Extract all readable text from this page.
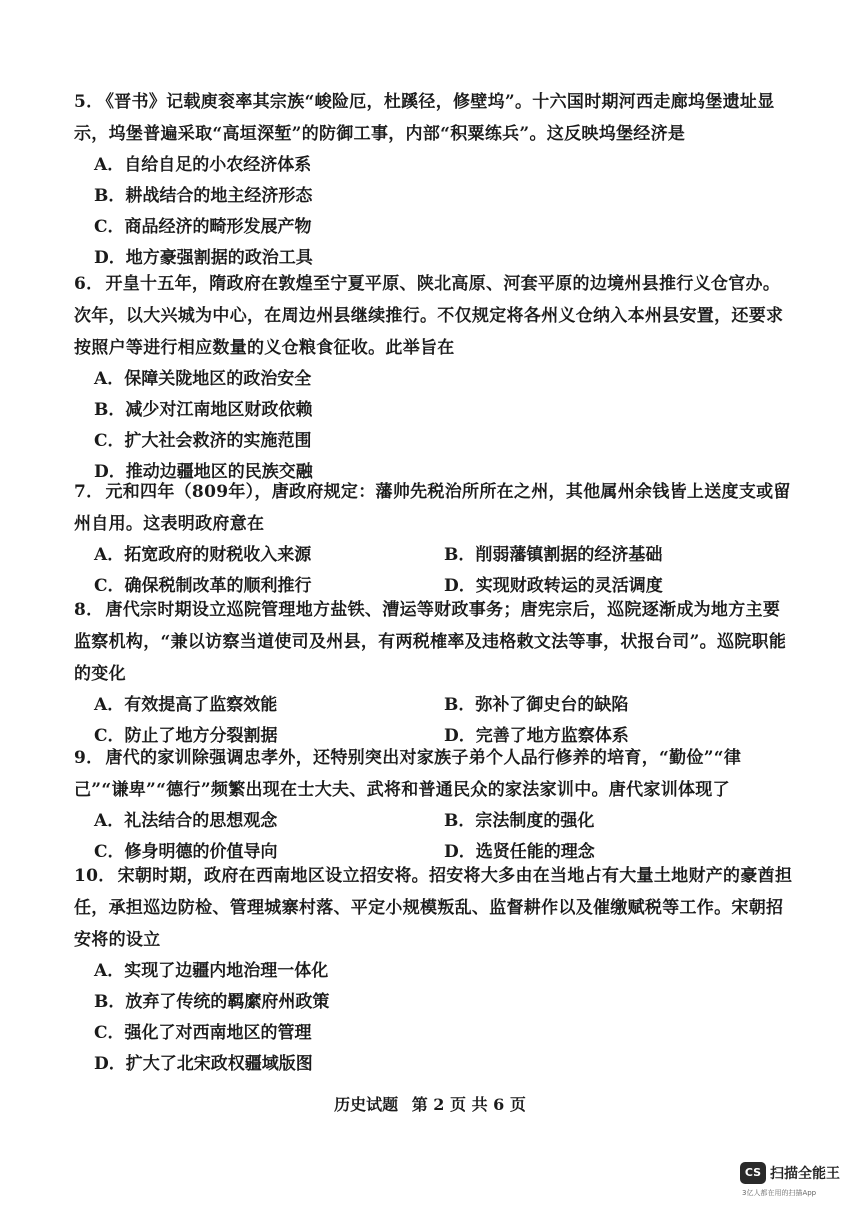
5． 《晋书》记载庾衮率其宗族“峻险厄，杜蹊径，修壁坞”。十六国时期河西走廊坞堡遗址显示，坞堡普遍采取“高垣深堑”的防御工事，内部“积粟练兵”。这反映坞堡经济是
A．自给自足的小农经济体系
B．耕战结合的地主经济形态
C．商品经济的畸形发展产物
D．地方豪强割据的政治工具
6． 开皇十五年，隋政府在敦煌至宁夏平原、陕北高原、河套平原的边境州县推行义仓官办。次年，以大兴城为中心，在周边州县继续推行。不仅规定将各州义仓纳入本州县安置，还要求按照户等进行相应数量的义仓粮食征收。此举旨在
A．保障关陇地区的政治安全
B．减少对江南地区财政依赖
C．扩大社会救济的实施范围
D．推动边疆地区的民族交融
7． 元和四年（809年），唐政府规定：藩帅先税治所所在之州，其他属州余钱皆上送度支或留州自用。这表明政府意在
A．拓宽政府的财税收入来源	B．削弱藩镇割据的经济基础
C．确保税制改革的顺利推行	D．实现财政转运的灵活调度
8． 唐代宗时期设立巡院管理地方盐铁、漕运等财政事务；唐宪宗后，巡院逐渐成为地方主要监察机构，“兼以访察当道使司及州县，有两税榷率及违格敕文法等事，状报台司”。巡院职能的变化
A．有效提高了监察效能	B．弥补了御史台的缺陷
C．防止了地方分裂割据	D．完善了地方监察体系
9． 唐代的家训除强调忠孝外，还特别突出对家族子弟个人品行修养的培育，“勤俭”“律己”“谦卑”“德行”频繁出现在士大夫、武将和普通民众的家法家训中。唐代家训体现了
A．礼法结合的思想观念	B．宗法制度的强化
C．修身明德的价值导向	D．选贤任能的理念
10． 宋朝时期，政府在西南地区设立招安将。招安将大多由在当地占有大量土地财产的豪酋担任，承担巡边防检、管理城寨村落、平定小规模叛乱、监督耕作以及催缴赋税等工作。宋朝招安将的设立
A．实现了边疆内地治理一体化
B．放弃了传统的羁縻府州政策
C．强化了对西南地区的管理
D．扩大了北宋政权疆域版图
历史试题 第 2 页 共 6 页
CS 扫描全能王
3亿人都在用的扫描App
